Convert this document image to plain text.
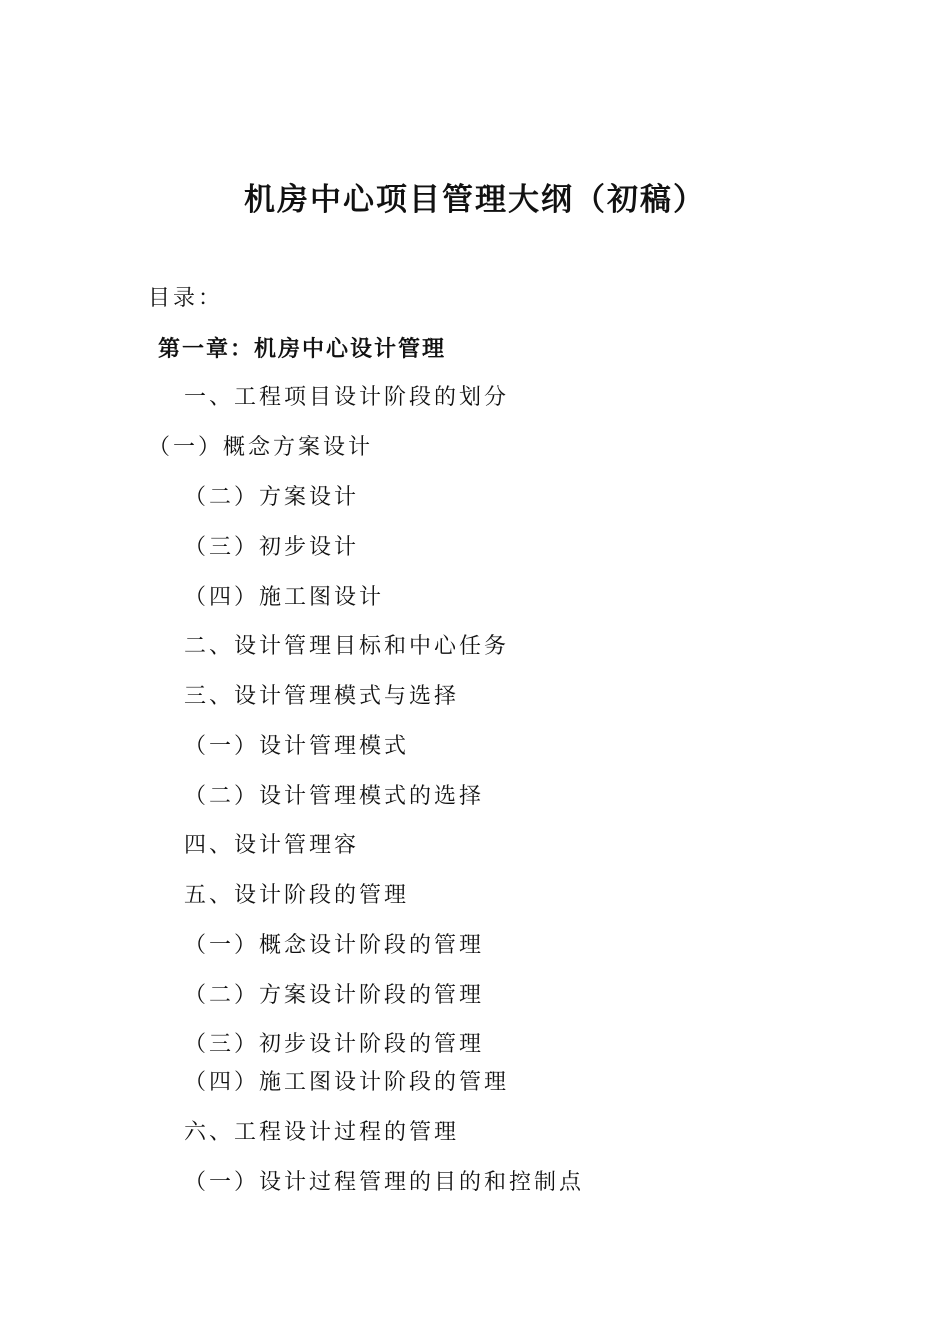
机房中心项目管理大纲（初稿）
目录：
第一章：机房中心设计管理
一、工程项目设计阶段的划分
（一）概念方案设计
（二）方案设计
（三）初步设计
（四）施工图设计
二、设计管理目标和中心任务
三、设计管理模式与选择
（一）设计管理模式
（二）设计管理模式的选择
四、设计管理容
五、设计阶段的管理
（一）概念设计阶段的管理
（二）方案设计阶段的管理
（三）初步设计阶段的管理
（四）施工图设计阶段的管理
六、工程设计过程的管理
（一）设计过程管理的目的和控制点
